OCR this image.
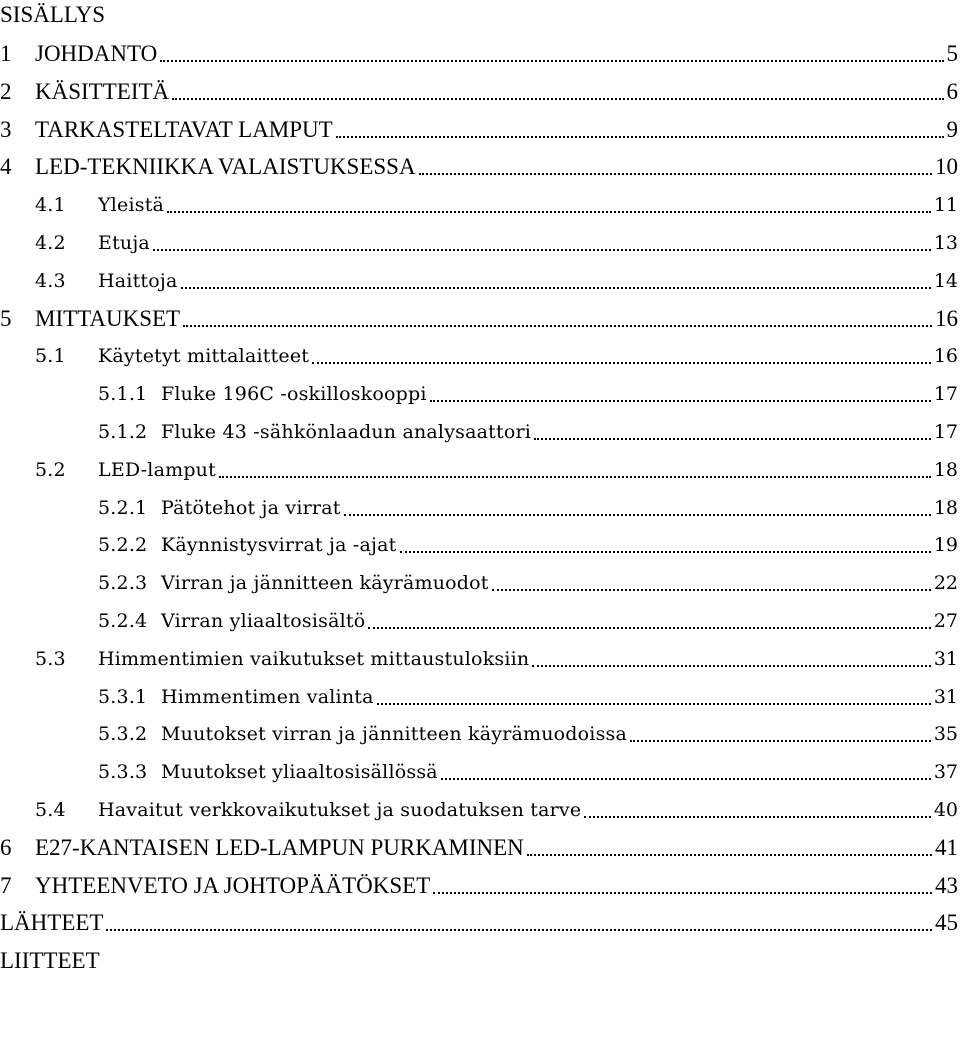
SISÄLLYS
1	JOHDANTO	5
2	KÄSITTEITÄ	6
3	TARKASTELTAVAT LAMPUT	9
4	LED-TEKNIIKKA VALAISTUKSESSA	10
4.1	Yleistä	11
4.2	Etuja	13
4.3	Haittoja	14
5	MITTAUKSET	16
5.1	Käytetyt mittalaitteet	16
5.1.1 Fluke 196C -oskilloskooppi	17
5.1.2 Fluke 43 -sähkönlaadun analysaattori	17
5.2	LED-lamput	18
5.2.1 Pätötehot ja virrat	18
5.2.2 Käynnistysvirrat ja -ajat	19
5.2.3 Virran ja jännitteen käyrämuodot	22
5.2.4 Virran yliaaltosisältö	27
5.3	Himmentimien vaikutukset mittaustuloksiin	31
5.3.1 Himmentimen valinta	31
5.3.2 Muutokset virran ja jännitteen käyrämuodoissa	35
5.3.3 Muutokset yliaaltosisällössä	37
5.4	Havaitut verkkovaikutukset ja suodatuksen tarve	40
6	E27-KANTAISEN LED-LAMPUN PURKAMINEN	41
7	YHTEENVETO JA JOHTOPÄÄTÖKSET	43
LÄHTEET	45
LIITTEET
